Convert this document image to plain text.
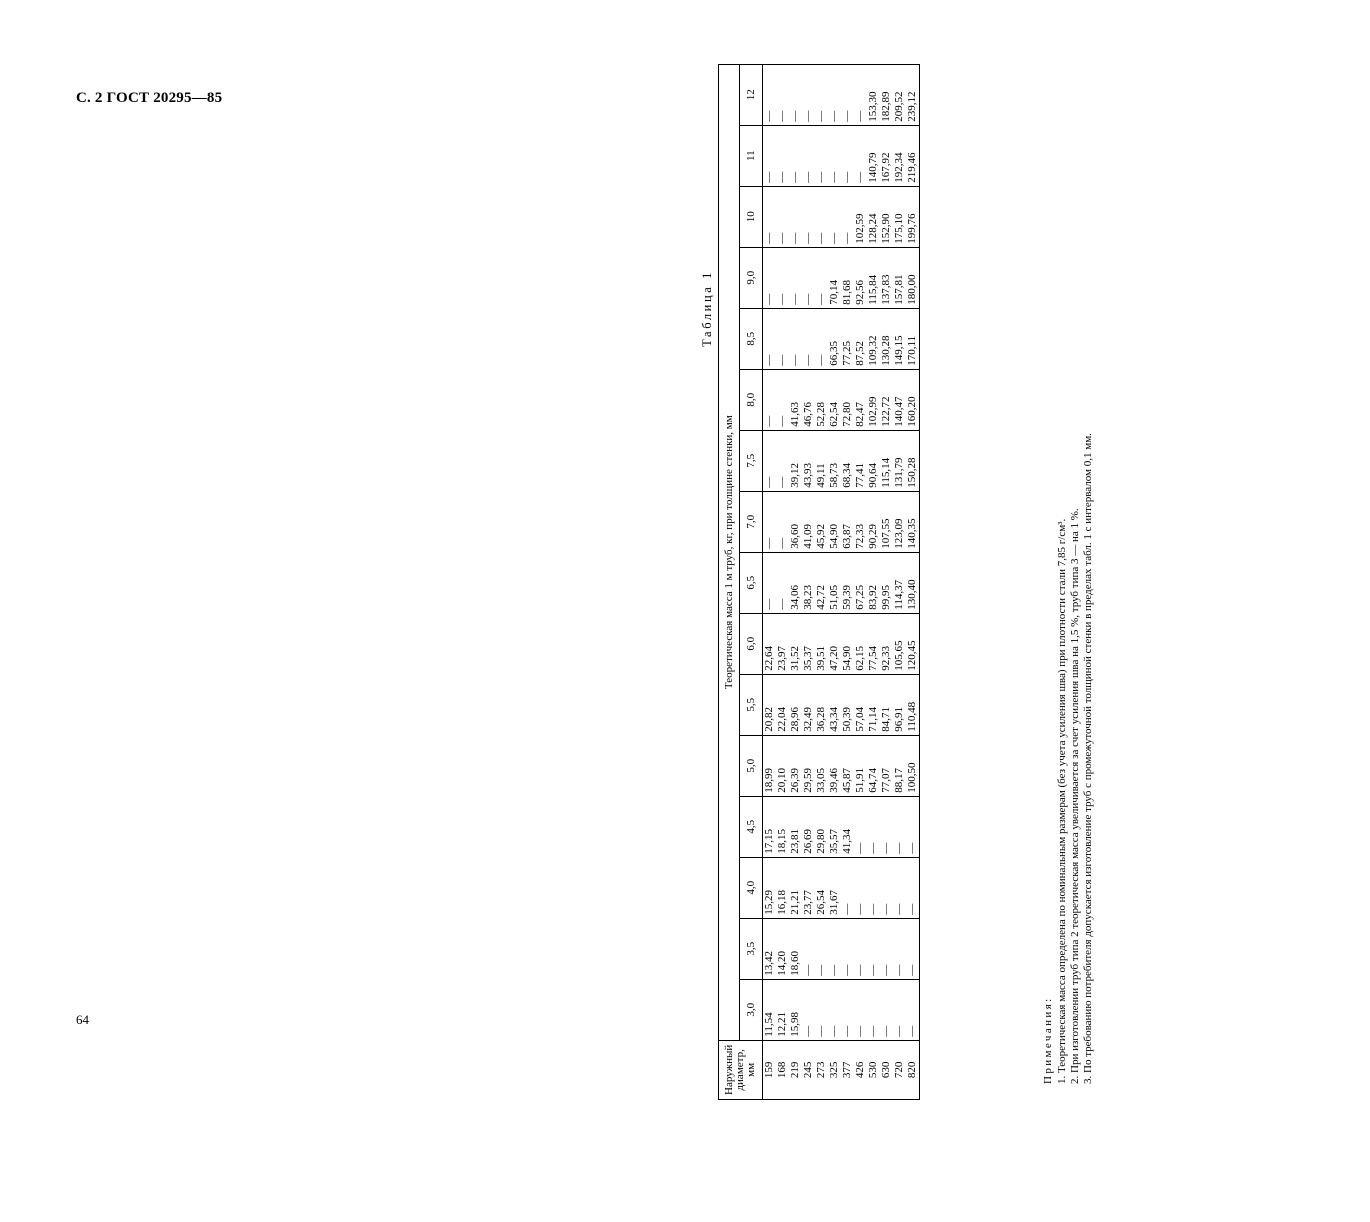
С. 2 ГОСТ 20295—85
Таблица 1
Наружный диаметр, мм	Теоретическая масса 1 м труб, кг, при толщине стенки, мм															
	3,0	3,5	4,0	4,5	5,0	5,5	6,0	6,5	7,0	7,5	8,0	8,5	9,0	10	11	12
159	11,54	13,42	15,29	17,15	18,99	20,82	22,64	—	—	—	—	—	—	—	—	—
168	12,21	14,20	16,18	18,15	20,10	22,04	23,97	—	—	—	—	—	—	—	—	—
219	15,98	18,60	21,21	23,81	26,39	28,96	31,52	34,06	36,60	39,12	41,63	—	—	—	—	—
245	—	—	23,77	26,69	29,59	32,49	35,37	38,23	41,09	43,93	46,76	—	—	—	—	—
273	—	—	26,54	29,80	33,05	36,28	39,51	42,72	45,92	49,11	52,28	—	—	—	—	—
325	—	—	31,67	35,57	39,46	43,34	47,20	51,05	54,90	58,73	62,54	66,35	70,14	—	—	—
377	—	—	—	41,34	45,87	50,39	54,90	59,39	63,87	68,34	72,80	77,25	81,68	—	—	—
426	—	—	—	—	51,91	57,04	62,15	67,25	72,33	77,41	82,47	87,52	92,56	102,59	—	—
530	—	—	—	—	64,74	71,14	77,54	83,92	90,29	90,64	102,99	109,32	115,84	128,24	140,79	153,30
630	—	—	—	—	77,07	84,71	92,33	99,95	107,55	115,14	122,72	130,28	137,83	152,90	167,92	182,89
720	—	—	—	—	88,17	96,91	105,65	114,37	123,09	131,79	140,47	149,15	157,81	175,10	192,34	209,52
820	—	—	—	—	100,50	110,48	120,45	130,40	140,35	150,28	160,20	170,11	180,00	199,76	219,46	239,12
Примечания: 1. Теоретическая масса определена по номинальным размерам (без учета усиления шва) при плотности стали 7,85 г/см³. 2. При изготовлении труб типа 2 теоретическая масса увеличивается за счет усиления шва на 1,5 %, труб типа 3 — на 1 %. 3. По требованию потребителя допускается изготовление труб с промежуточной толщиной стенки в пределах табл. 1 с интервалом 0,1 мм.
64
